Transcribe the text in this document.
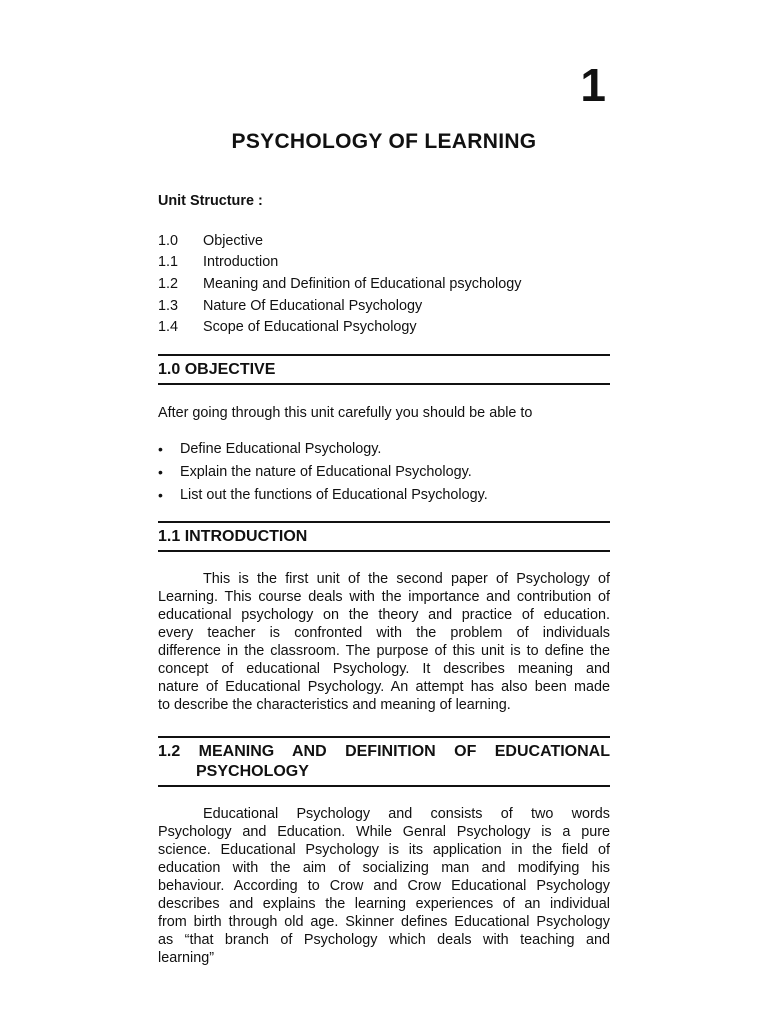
1
PSYCHOLOGY OF LEARNING
Unit Structure :
1.0	Objective
1.1	Introduction
1.2	Meaning and Definition of Educational psychology
1.3	Nature Of Educational Psychology
1.4	Scope of Educational Psychology
1.0 OBJECTIVE

After going through this unit carefully you should be able to

•	Define Educational Psychology.
•	Explain the nature of Educational Psychology.
•	List out the functions of Educational Psychology.
1.1 INTRODUCTION
This is the first unit of the second paper of Psychology of
Learning. This course deals with the importance and contribution of
educational psychology on the theory and practice of education.
every teacher is confronted with the problem of individuals
difference in the classroom. The purpose of this unit is to define the
concept of educational Psychology. It describes meaning and
nature of Educational Psychology. An attempt has also been made
to describe the characteristics and meaning of learning.
1.2 MEANING AND DEFINITION OF EDUCATIONAL
PSYCHOLOGY
Educational Psychology and consists of two words
Psychology and Education. While Genral Psychology is a pure
science. Educational Psychology is its application in the field of
education with the aim of socializing man and modifying his
behaviour. According to Crow and Crow Educational Psychology
describes and explains the learning experiences of an individual
from birth through old age. Skinner defines Educational Psychology
as “that branch of Psychology which deals with teaching and
learning”
